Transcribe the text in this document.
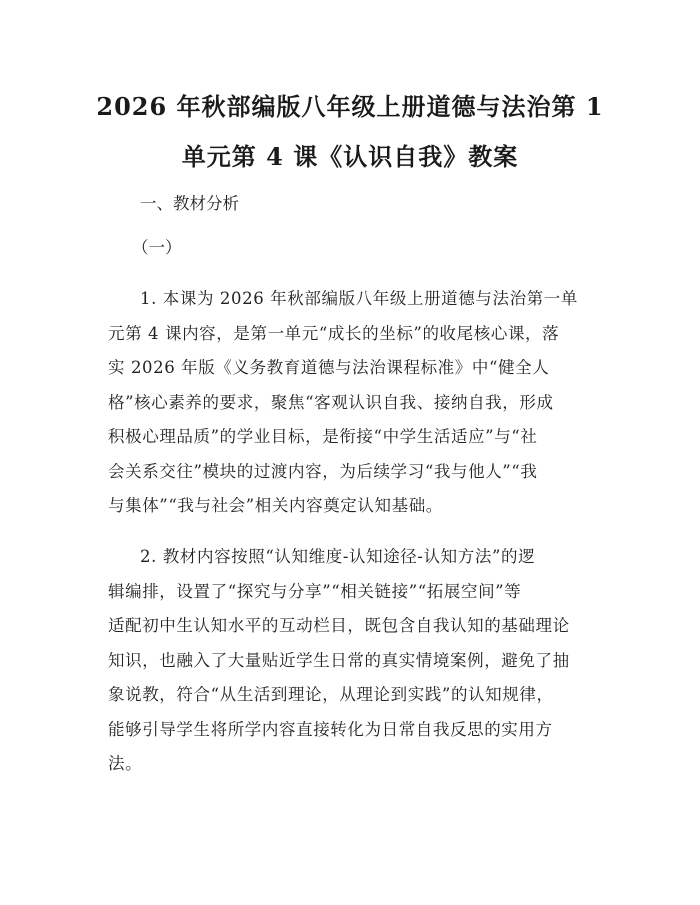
2026 年秋部编版八年级上册道德与法治第 1
单元第 4 课《认识自我》教案
一、教材分析
（一）
1. 本课为 2026 年秋部编版八年级上册道德与法治第一单
元第 4 课内容，是第一单元“成长的坐标”的收尾核心课，落
实 2026 年版《义务教育道德与法治课程标准》中“健全人
格”核心素养的要求，聚焦“客观认识自我、接纳自我，形成
积极心理品质”的学业目标，是衔接“中学生活适应”与“社
会关系交往”模块的过渡内容，为后续学习“我与他人”“我
与集体”“我与社会”相关内容奠定认知基础。
2. 教材内容按照“认知维度-认知途径-认知方法”的逻
辑编排，设置了“探究与分享”“相关链接”“拓展空间”等
适配初中生认知水平的互动栏目，既包含自我认知的基础理论
知识，也融入了大量贴近学生日常的真实情境案例，避免了抽
象说教，符合“从生活到理论，从理论到实践”的认知规律，
能够引导学生将所学内容直接转化为日常自我反思的实用方
法。
